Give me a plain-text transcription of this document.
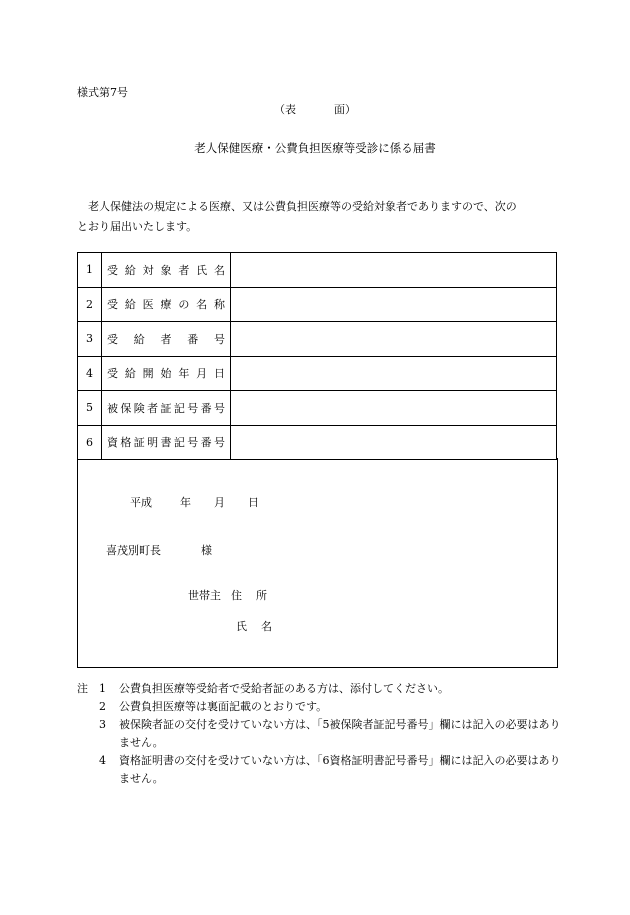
様式第7号
（表	面）
老人保健医療・公費負担医療等受診に係る届書
老人保健法の規定による医療、又は公費負担医療等の受給対象者でありますので、次の
とおり届出いたします。
1	受給対象者氏名	

2	受給医療の名称	

3	受給者番号	

4	受給開始年月日	

5	被保険者証記号番号	

6	資格証明書記号番号	

平成	年 月 日
喜茂別町長	様
世帯主 住 所
氏 名
注 1 公費負担医療等受給者で受給者証のある方は、添付してください。
2 公費負担医療等は裏面記載のとおりです。
3 被保険者証の交付を受けていない方は、「5被保険者証記号番号」欄には記入の必要はありません。
4 資格証明書の交付を受けていない方は、「6資格証明書記号番号」欄には記入の必要はありません。
